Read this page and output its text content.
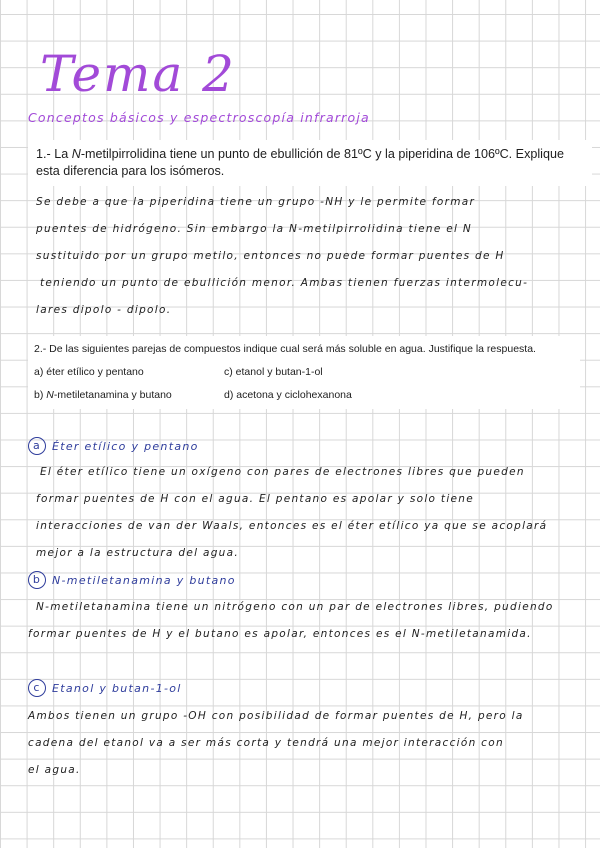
Tema 2
Conceptos básicos y espectroscopía infrarroja
1.- La N-metilpirrolidina tiene un punto de ebullición de 81ºC y la piperidina de 106ºC. Explique esta diferencia para los isómeros.
Se debe a que la piperidina tiene un grupo -NH y le permite formar
puentes de hidrógeno. Sin embargo la N-metilpirrolidina tiene el N
sustituido por un grupo metilo, entonces no puede formar puentes de H
teniendo un punto de ebullición menor. Ambas tienen fuerzas intermolecu-
lares dipolo - dipolo.
2.- De las siguientes parejas de compuestos indique cual será más soluble en agua. Justifique la respuesta.
a) éter etílico y pentano	c) etanol y butan-1-ol
b) N-metiletanamina y butano	d) acetona y ciclohexanona
a Éter etílico y pentano
El éter etílico tiene un oxígeno con pares de electrones libres que pueden
formar puentes de H con el agua. El pentano es apolar y solo tiene
interacciones de van der Waals, entonces es el éter etílico ya que se acoplará
mejor a la estructura del agua.
b N-metiletanamina y butano
N-metiletanamina tiene un nitrógeno con un par de electrones libres, pudiendo
formar puentes de H y el butano es apolar, entonces es el N-metiletanamida.
c	Etanol y butan-1-ol
Ambos tienen un grupo -OH con posibilidad de formar puentes de H, pero la
cadena del etanol va a ser más corta y tendrá una mejor interacción con
el agua.
